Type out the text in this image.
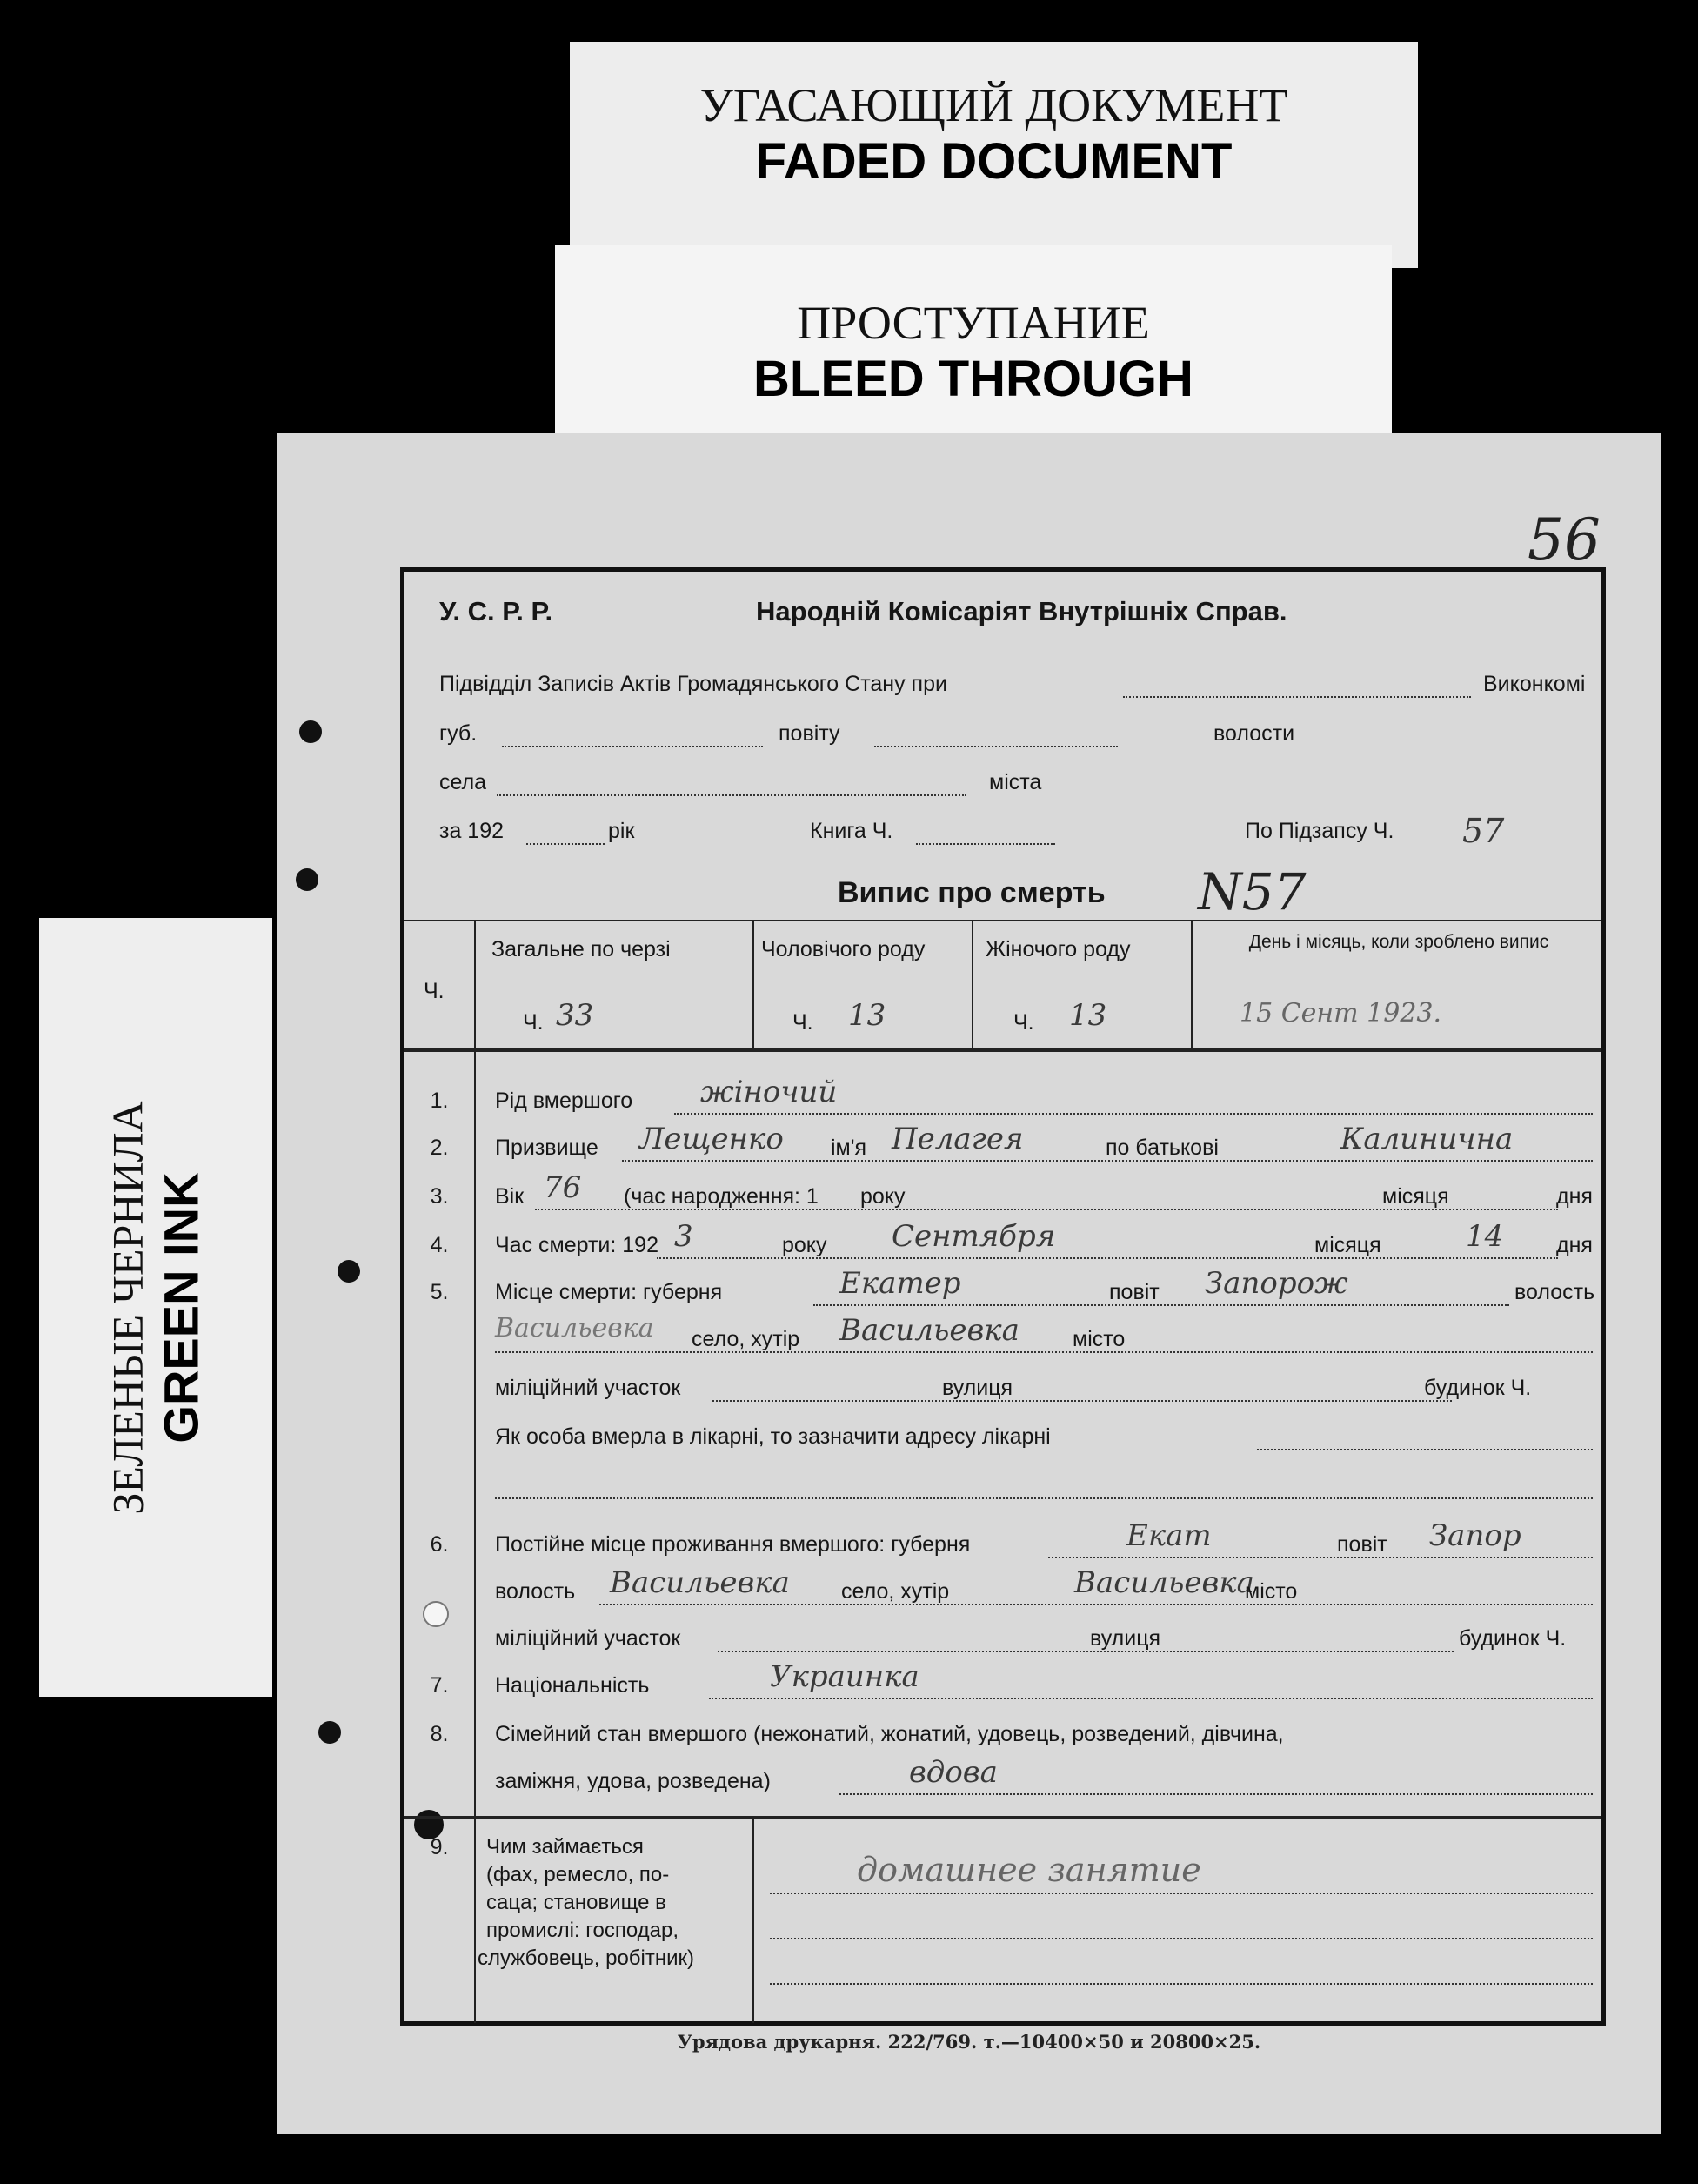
УГАСАЮЩИЙ ДОКУМЕНТ
FADED DOCUMENT
ПРОСТУПАНИЕ
BLEED THROUGH
ЗЕЛЕНЫЕ ЧЕРНИЛА GREEN INK
56
У. С. Р. Р.	Народній Комісаріят Внутрішніх Справ.
Підвідділ Записів Актів Громадянського Стану при	Виконкомі
губ.	повіту	волости
села	міста
за 192	рік	Книга Ч.	По Підзапсу Ч. 57
Випис про смерть N57
Ч.
Загальне по черзі	Чоловічого роду	Жіночого роду	День і місяць, коли зроблено випис
Ч. 33	Ч. 13	Ч. 13	15 Сент 1923.
1.	Рід вмершого жіночий
2.	Призвище Лещенко ім'я Пелагея	по батькові	Калинична
3.	Вік 76 (час народження: 1 року	місяця	дня
4.	Час смерти: 192 3	року Сентября	місяця	14 дня
5.	Місце смерти: губерня	Екатер	повіт Запорож	волость
Васильевка село, хутір Васильевка місто
міліційний участок	вулиця	будинок Ч.
Як особа вмерла в лікарні, то зазначити адресу лікарні
6.	Постійне місце проживання вмершого: губерня	Екат	повіт Запор
волость Васильевка село, хутір	Васильевка
місто
міліційний участок	вулиця	будинок Ч.
7.	Національність	Украинка
8.	Сімейний стан вмершого (нежонатий, жонатий, удовець, розведений, дівчина,
заміжня, удова, розведена)	вдова
9.	Чим займається
(фах, ремесло, по-
саца; становище в
промислі: господар,
службовець, робітник)
домашнее занятие
Урядова друкарня. 222/769. т.—10400×50 и 20800×25.
